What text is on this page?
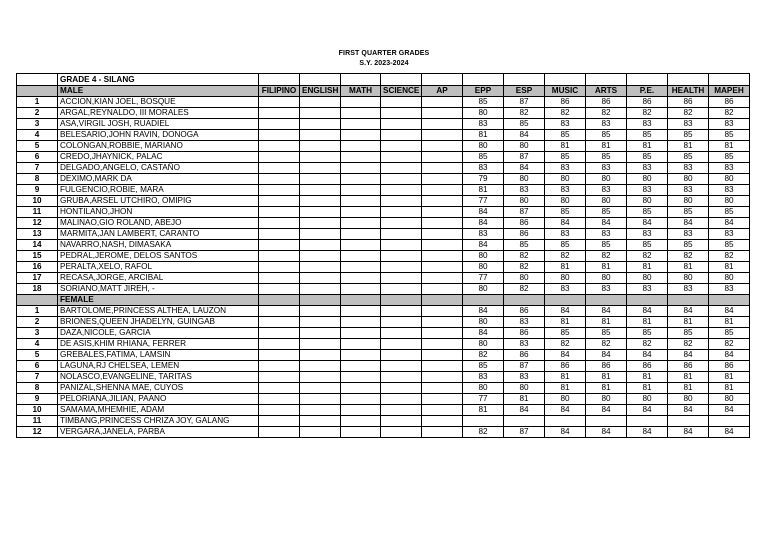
FIRST QUARTER GRADES
S.Y. 2023-2024
	GRADE 4 - SILANG												
	MALE	FILIPINO	ENGLISH	MATH	SCIENCE	AP	EPP	ESP	MUSIC	ARTS	P.E.	HEALTH	MAPEH
1	ACCION,KIAN JOEL, BOSQUE						85	87	86	86	86	86	86
2	ARGAL,REYNALDO, III MORALES						80	82	82	82	82	82	82
3	ASA,VIRGIL JOSH, RUADIEL						83	85	83	83	83	83	83
4	BELESARIO,JOHN RAVIN, DONOGA						81	84	85	85	85	85	85
5	COLONGAN,ROBBIE, MARIANO						80	80	81	81	81	81	81
6	CREDO,JHAYNICK, PALAC						85	87	85	85	85	85	85
7	DELGADO,ANGELO, CASTAÑO						83	84	83	83	83	83	83
8	DEXIMO,MARK DA						79	80	80	80	80	80	80
9	FULGENCIO,ROBIE, MARA						81	83	83	83	83	83	83
10	GRUBA,ARSEL UTCHIRO, OMIPIG						77	80	80	80	80	80	80
11	HONTILANO,JHON						84	87	85	85	85	85	85
12	MALINAO,GIO ROLAND, ABEJO						84	86	84	84	84	84	84
13	MARMITA,JAN LAMBERT, CARANTO						83	86	83	83	83	83	83
14	NAVARRO,NASH, DIMASAKA						84	85	85	85	85	85	85
15	PEDRAL,JEROME, DELOS SANTOS						80	82	82	82	82	82	82
16	PERALTA,XELO, RAFOL						80	82	81	81	81	81	81
17	RECASA,JORGE, ARCIBAL						77	80	80	80	80	80	80
18	SORIANO,MATT JIREH, -						80	82	83	83	83	83	83
	FEMALE												
1	BARTOLOME,PRINCESS ALTHEA, LAUZON						84	86	84	84	84	84	84
2	BRIONES,QUEEN JHADELYN, GUINGAB						80	83	81	81	81	81	81
3	DAZA,NICOLE, GARCIA						84	86	85	85	85	85	85
4	DE ASIS,KHIM RHIANA, FERRER						80	83	82	82	82	82	82
5	GREBALES,FATIMA, LAMSIN						82	86	84	84	84	84	84
6	LAGUNA,RJ CHELSEA, LEMEN						85	87	86	86	86	86	86
7	NOLASCO,EVANGELINE, TARITAS						83	83	81	81	81	81	81
8	PANIZAL,SHENNA MAE, CUYOS						80	80	81	81	81	81	81
9	PELORIANA,JILIAN, PAANO						77	81	80	80	80	80	80
10	SAMAMA,MHEMHIE, ADAM						81	84	84	84	84	84	84
11	TIMBANG,PRINCESS CHRIZA JOY, GALANG												
12	VERGARA,JANELA, PARBA						82	87	84	84	84	84	84
